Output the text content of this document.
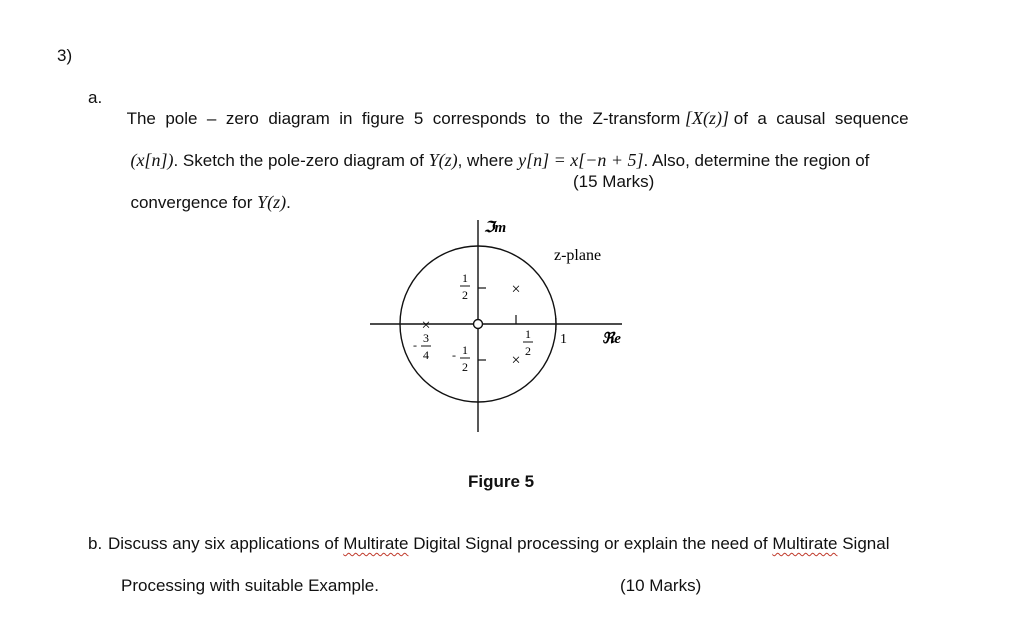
3)
a.

The  pole  –  zero  diagram  in  figure  5  corresponds  to  the  Z-transform [X(z)] of  a  causal  sequence

(x[n]). Sketch the pole-zero diagram of Y(z), where y[n] = x[−n + 5]. Also, determine the region of

convergence for Y(z).

(15 Marks)
×
×
×
ℑm
ℜe
z-plane
1
1
2
- 1
2
1
2
- 3
4
Figure 5
b. Discuss any six applications of Multirate Digital Signal processing or explain the need of Multirate Signal
Processing with suitable Example.	(10 Marks)
